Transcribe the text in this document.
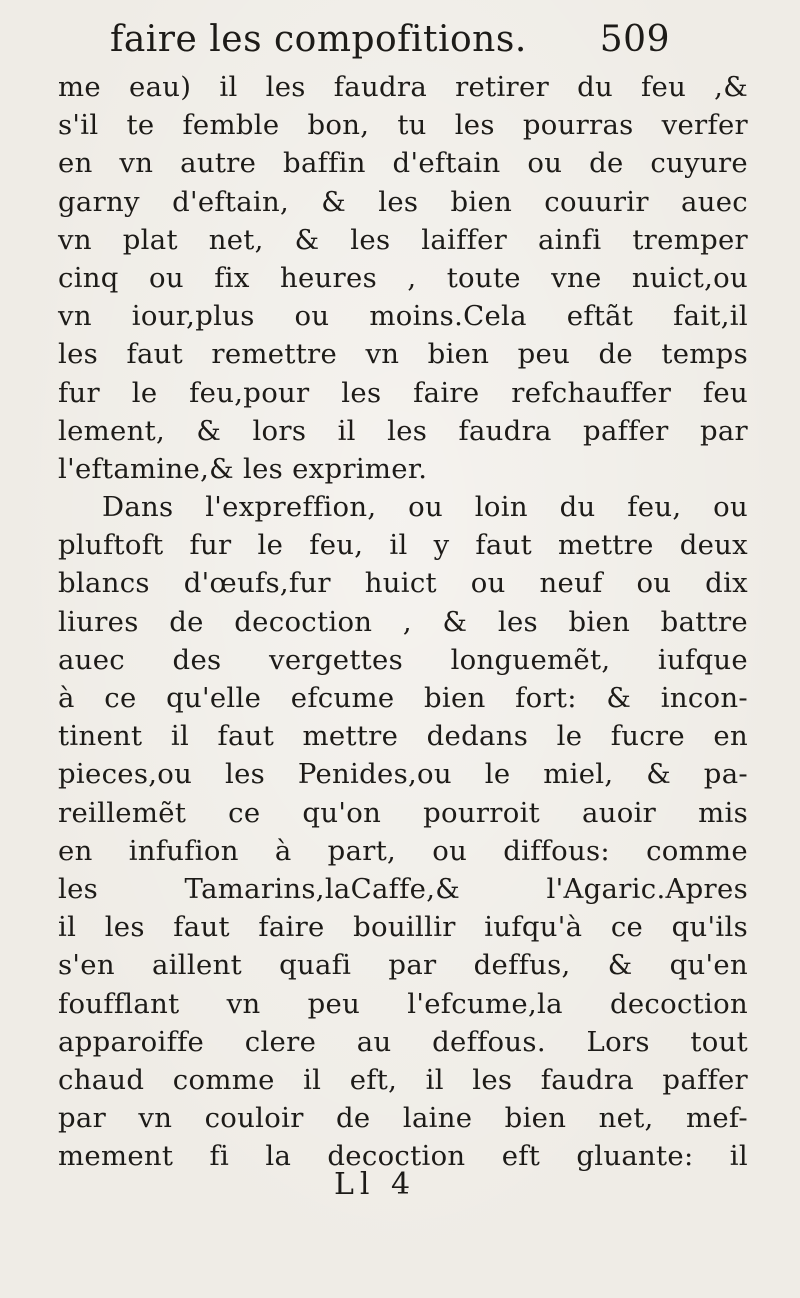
faire les compofitions. 509
me eau) il les faudra retirer du feu ,&
s'il te femble bon, tu les pourras verfer
en vn autre baffin d'eftain ou de cuyure
garny d'eftain, & les bien couurir auec
vn plat net, & les laiffer ainfi tremper
cinq ou fix heures , toute vne nuict,ou
vn iour,plus ou moins.Cela eftãt fait,il
les faut remettre vn bien peu de temps
fur le feu,pour les faire refchauffer feu
lement, & lors il les faudra paffer par
l'eftamine,& les exprimer.
Dans l'expreffion, ou loin du feu, ou
pluftoft fur le feu, il y faut mettre deux
blancs d'œufs,fur huict ou neuf ou dix
liures de decoction , & les bien battre
auec des vergettes longuemẽt, iufque
à ce qu'elle efcume bien fort: & incon-
tinent il faut mettre dedans le fucre en
pieces,ou les Penides,ou le miel, & pa-
reillemẽt ce qu'on pourroit auoir mis
en infufion à part, ou diffous: comme
les Tamarins,laCaffe,& l'Agaric.Apres
il les faut faire bouillir iufqu'à ce qu'ils
s'en aillent quafi par deffus, & qu'en
foufflant vn peu l'efcume,la decoction
apparoiffe clere au deffous. Lors tout
chaud comme il eft, il les faudra paffer
par vn couloir de laine bien net, mef-
mement fi la decoction eft gluante: il
Ll 4
